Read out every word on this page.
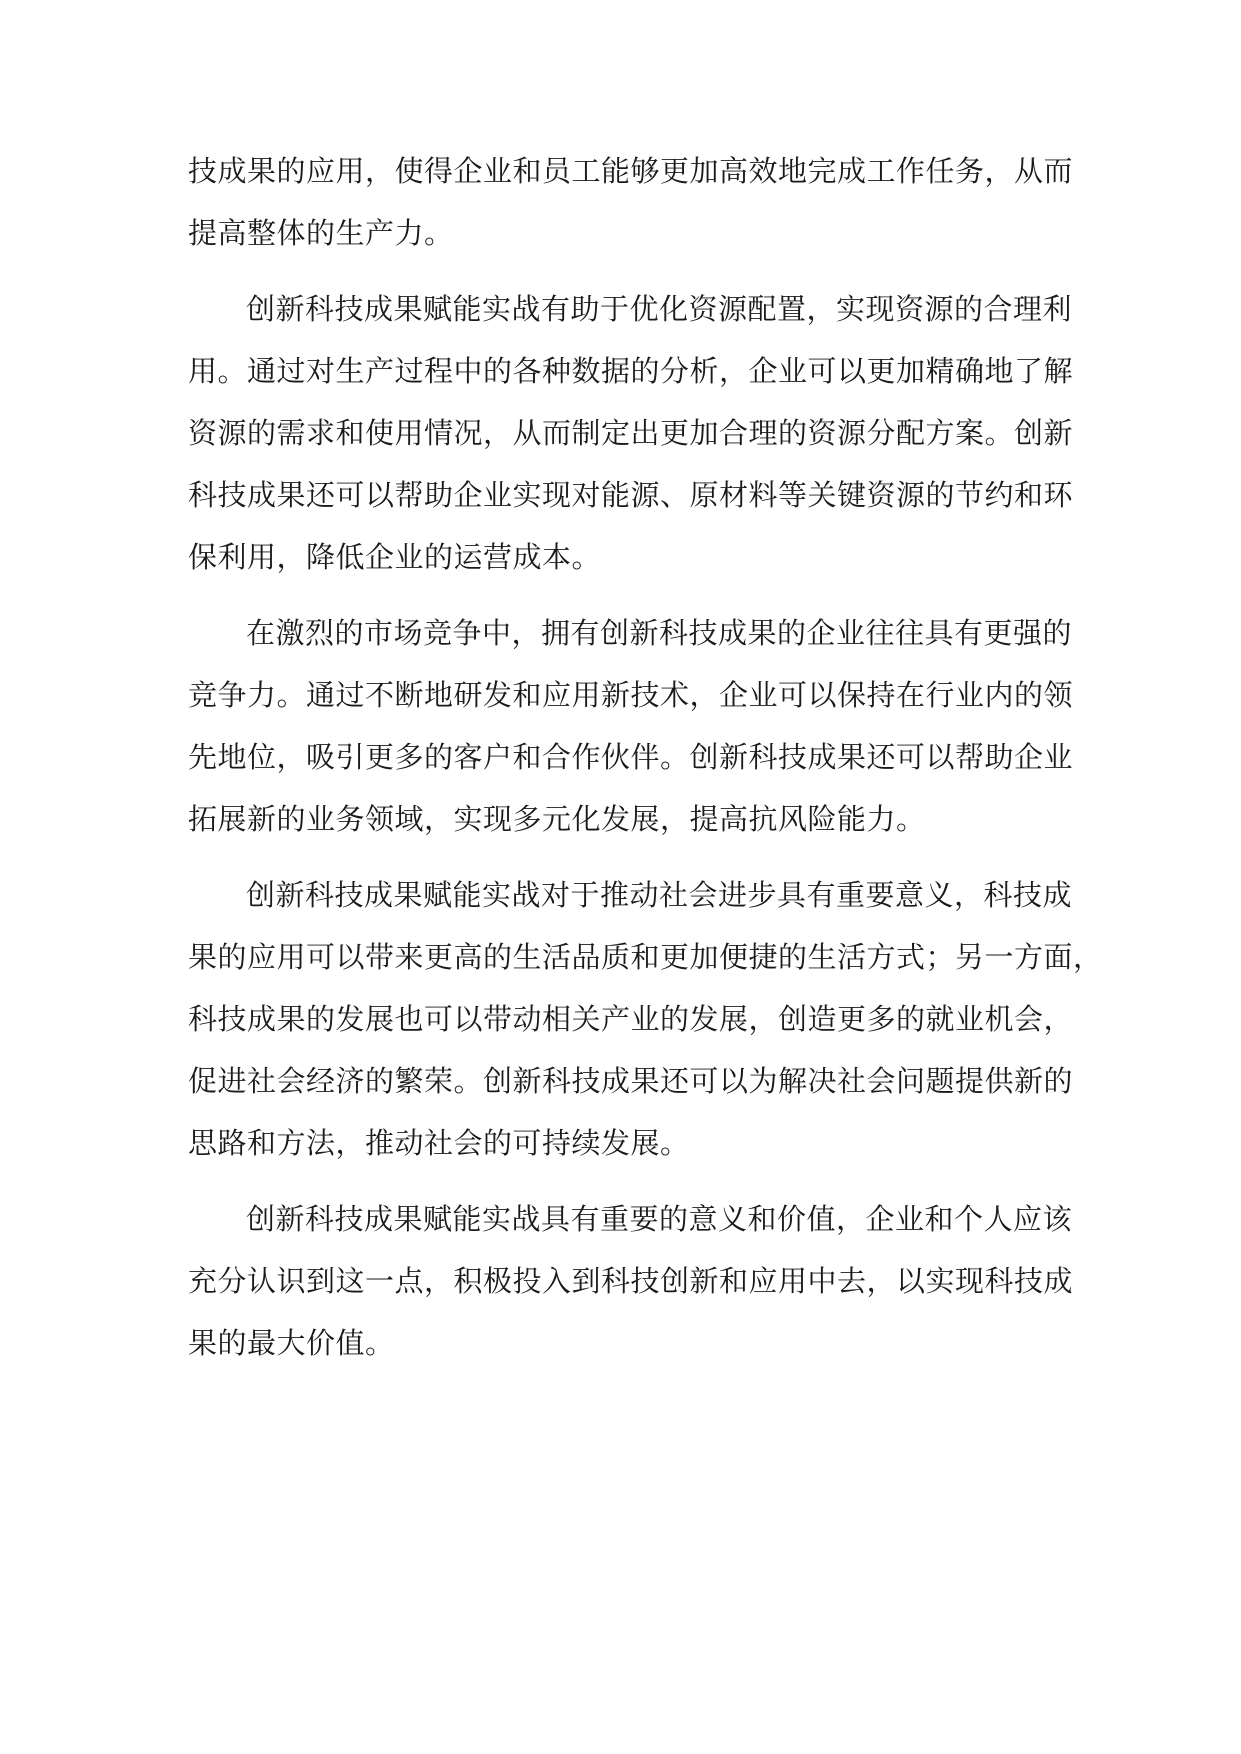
技成果的应用，使得企业和员工能够更加高效地完成工作任务，从而
提高整体的生产力。
创新科技成果赋能实战有助于优化资源配置，实现资源的合理利
用。通过对生产过程中的各种数据的分析，企业可以更加精确地了解
资源的需求和使用情况，从而制定出更加合理的资源分配方案。创新
科技成果还可以帮助企业实现对能源、原材料等关键资源的节约和环
保利用，降低企业的运营成本。
在激烈的市场竞争中，拥有创新科技成果的企业往往具有更强的
竞争力。通过不断地研发和应用新技术，企业可以保持在行业内的领
先地位，吸引更多的客户和合作伙伴。创新科技成果还可以帮助企业
拓展新的业务领域，实现多元化发展，提高抗风险能力。
创新科技成果赋能实战对于推动社会进步具有重要意义，科技成
果的应用可以带来更高的生活品质和更加便捷的生活方式；另一方面，
科技成果的发展也可以带动相关产业的发展，创造更多的就业机会，
促进社会经济的繁荣。创新科技成果还可以为解决社会问题提供新的
思路和方法，推动社会的可持续发展。
创新科技成果赋能实战具有重要的意义和价值，企业和个人应该
充分认识到这一点，积极投入到科技创新和应用中去，以实现科技成
果的最大价值。
